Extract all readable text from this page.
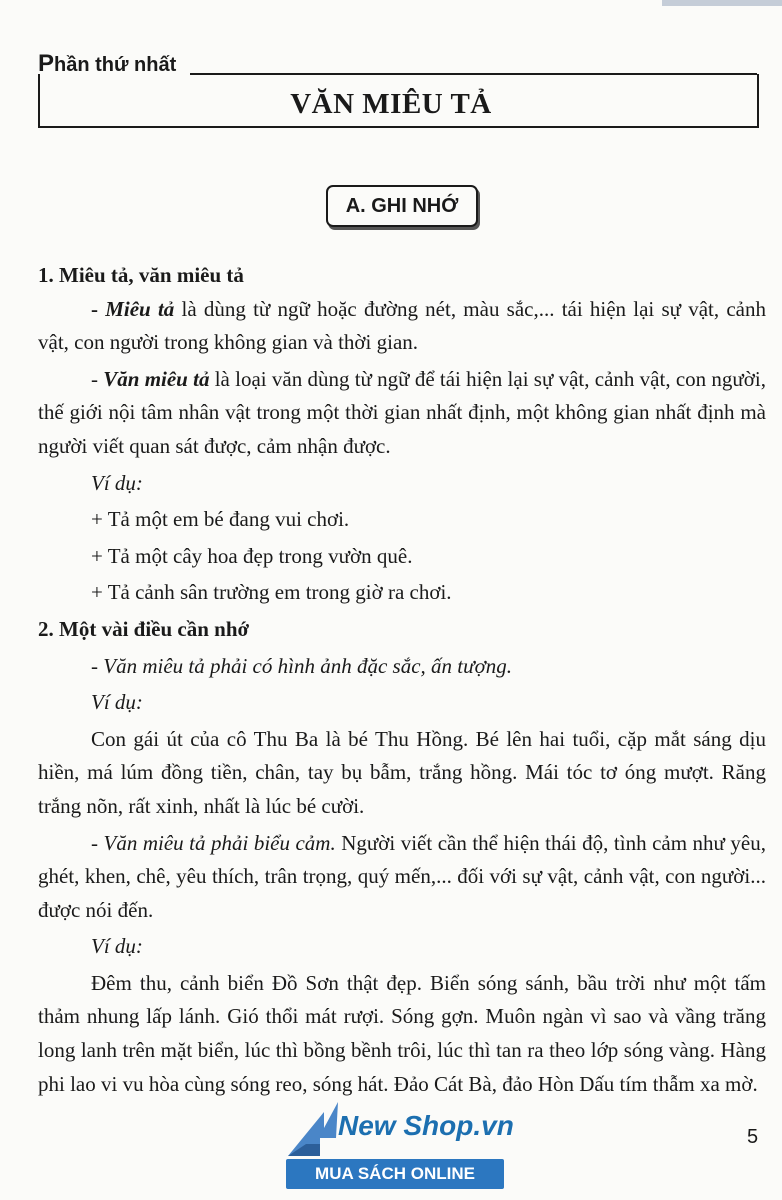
Phần thứ nhất
VĂN MIÊU TẢ
A. GHI NHỚ

1. Miêu tả, văn miêu tả

- Miêu tả là dùng từ ngữ hoặc đường nét, màu sắc,... tái hiện lại sự vật, cảnh vật, con người trong không gian và thời gian.

- Văn miêu tả là loại văn dùng từ ngữ để tái hiện lại sự vật, cảnh vật, con người, thế giới nội tâm nhân vật trong một thời gian nhất định, một không gian nhất định mà người viết quan sát được, cảm nhận được.

Ví dụ:

+ Tả một em bé đang vui chơi.

+ Tả một cây hoa đẹp trong vườn quê.

+ Tả cảnh sân trường em trong giờ ra chơi.

2. Một vài điều cần nhớ

- Văn miêu tả phải có hình ảnh đặc sắc, ấn tượng.

Ví dụ:

Con gái út của cô Thu Ba là bé Thu Hồng. Bé lên hai tuổi, cặp mắt sáng dịu hiền, má lúm đồng tiền, chân, tay bụ bẫm, trắng hồng. Mái tóc tơ óng mượt. Răng trắng nõn, rất xinh, nhất là lúc bé cười.

- Văn miêu tả phải biểu cảm. Người viết cần thể hiện thái độ, tình cảm như yêu, ghét, khen, chê, yêu thích, trân trọng, quý mến,... đối với sự vật, cảnh vật, con người... được nói đến.

Ví dụ:

Đêm thu, cảnh biển Đồ Sơn thật đẹp. Biển sóng sánh, bầu trời như một tấm thảm nhung lấp lánh. Gió thổi mát rượi. Sóng gợn. Muôn ngàn vì sao và vầng trăng long lanh trên mặt biển, lúc thì bồng bềnh trôi, lúc thì tan ra theo lớp sóng vàng. Hàng phi lao vi vu hòa cùng sóng reo, sóng hát. Đảo Cát Bà, đảo Hòn Dấu tím thẫm xa mờ.

New Shop.vn
MUA SÁCH ONLINE
5
